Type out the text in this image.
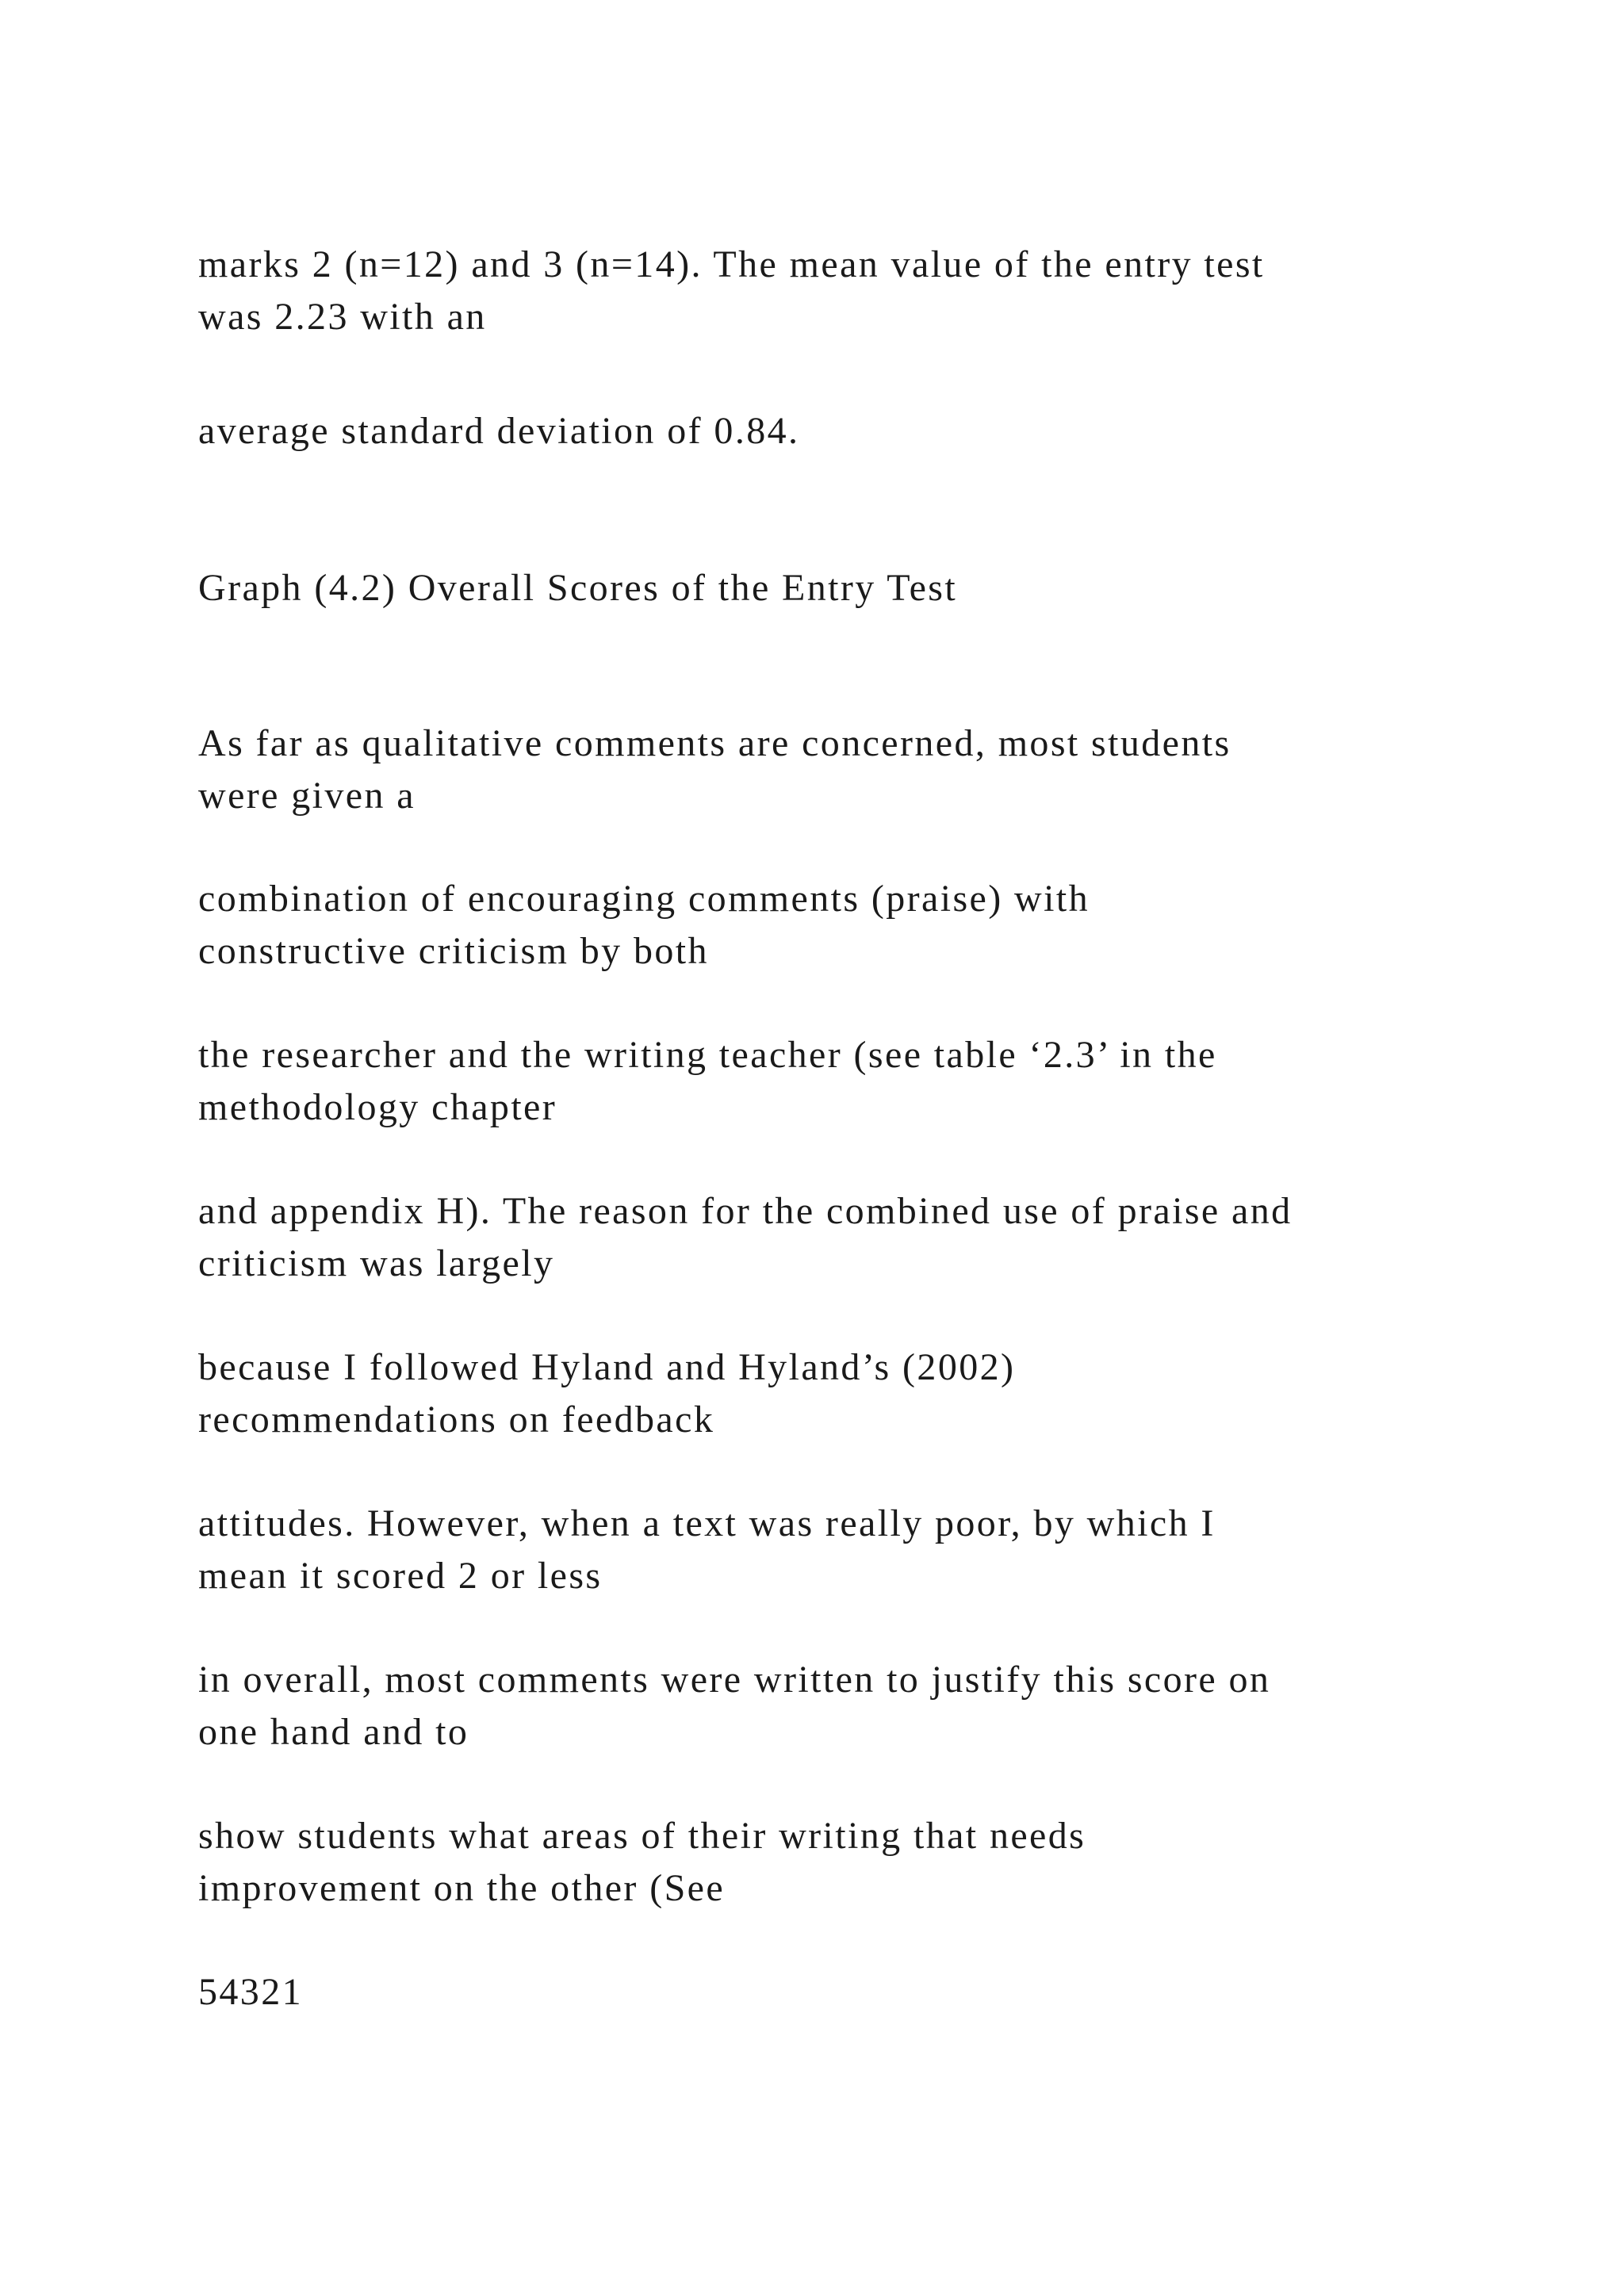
marks 2 (n=12) and 3 (n=14). The mean value of the entry test

was 2.23 with an

average standard deviation of 0.84.

Graph (4.2) Overall Scores of the Entry Test

As far as qualitative comments are concerned, most students

were given a

combination of encouraging comments (praise) with

constructive criticism by both

the researcher and the writing teacher (see table ‘2.3’ in the

methodology chapter

and appendix H). The reason for the combined use of praise and

criticism was largely

because I followed Hyland and Hyland’s (2002)

recommendations on feedback

attitudes. However, when a text was really poor, by which I

mean it scored 2 or less

in overall, most comments were written to justify this score on

one hand and to

show students what areas of their writing that needs

improvement on the other (See

54321
